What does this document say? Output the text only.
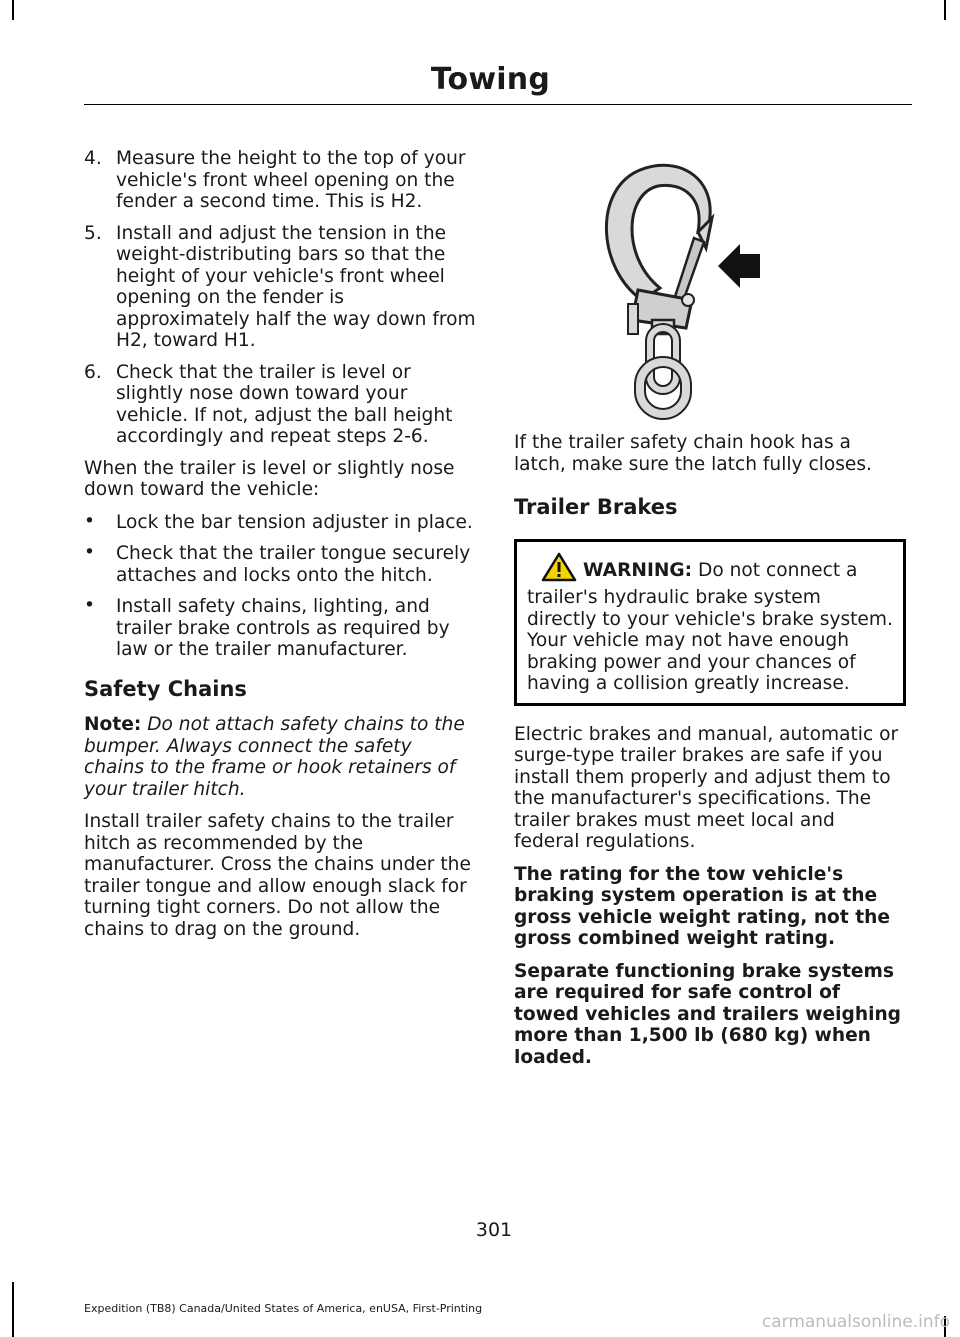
Towing
4. Measure the height to the top of your vehicle's front wheel opening on the fender a second time. This is H2.
5. Install and adjust the tension in the weight-distributing bars so that the height of your vehicle's front wheel opening on the fender is approximately half the way down from H2, toward H1.
6. Check that the trailer is level or slightly nose down toward your vehicle. If not, adjust the ball height accordingly and repeat steps 2-6.

When the trailer is level or slightly nose down toward the vehicle:

• Lock the bar tension adjuster in place.
• Check that the trailer tongue securely attaches and locks onto the hitch.
• Install safety chains, lighting, and trailer brake controls as required by law or the trailer manufacturer.
Safety Chains

Note: Do not attach safety chains to the bumper. Always connect the safety chains to the frame or hook retainers of your trailer hitch.

Install trailer safety chains to the trailer hitch as recommended by the manufacturer. Cross the chains under the trailer tongue and allow enough slack for turning tight corners. Do not allow the chains to drag on the ground.

If the trailer safety chain hook has a latch, make sure the latch fully closes.

Trailer Brakes
WARNING: Do not connect a trailer's hydraulic brake system directly to your vehicle's brake system. Your vehicle may not have enough braking power and your chances of having a collision greatly increase.

Electric brakes and manual, automatic or surge-type trailer brakes are safe if you install them properly and adjust them to the manufacturer's specifications. The trailer brakes must meet local and federal regulations.

The rating for the tow vehicle's braking system operation is at the gross vehicle weight rating, not the gross combined weight rating.

Separate functioning brake systems are required for safe control of towed vehicles and trailers weighing more than 1,500 lb (680 kg) when loaded.

301
Expedition (TB8) Canada/United States of America, enUSA, First-Printing
carmanualsonline.info
